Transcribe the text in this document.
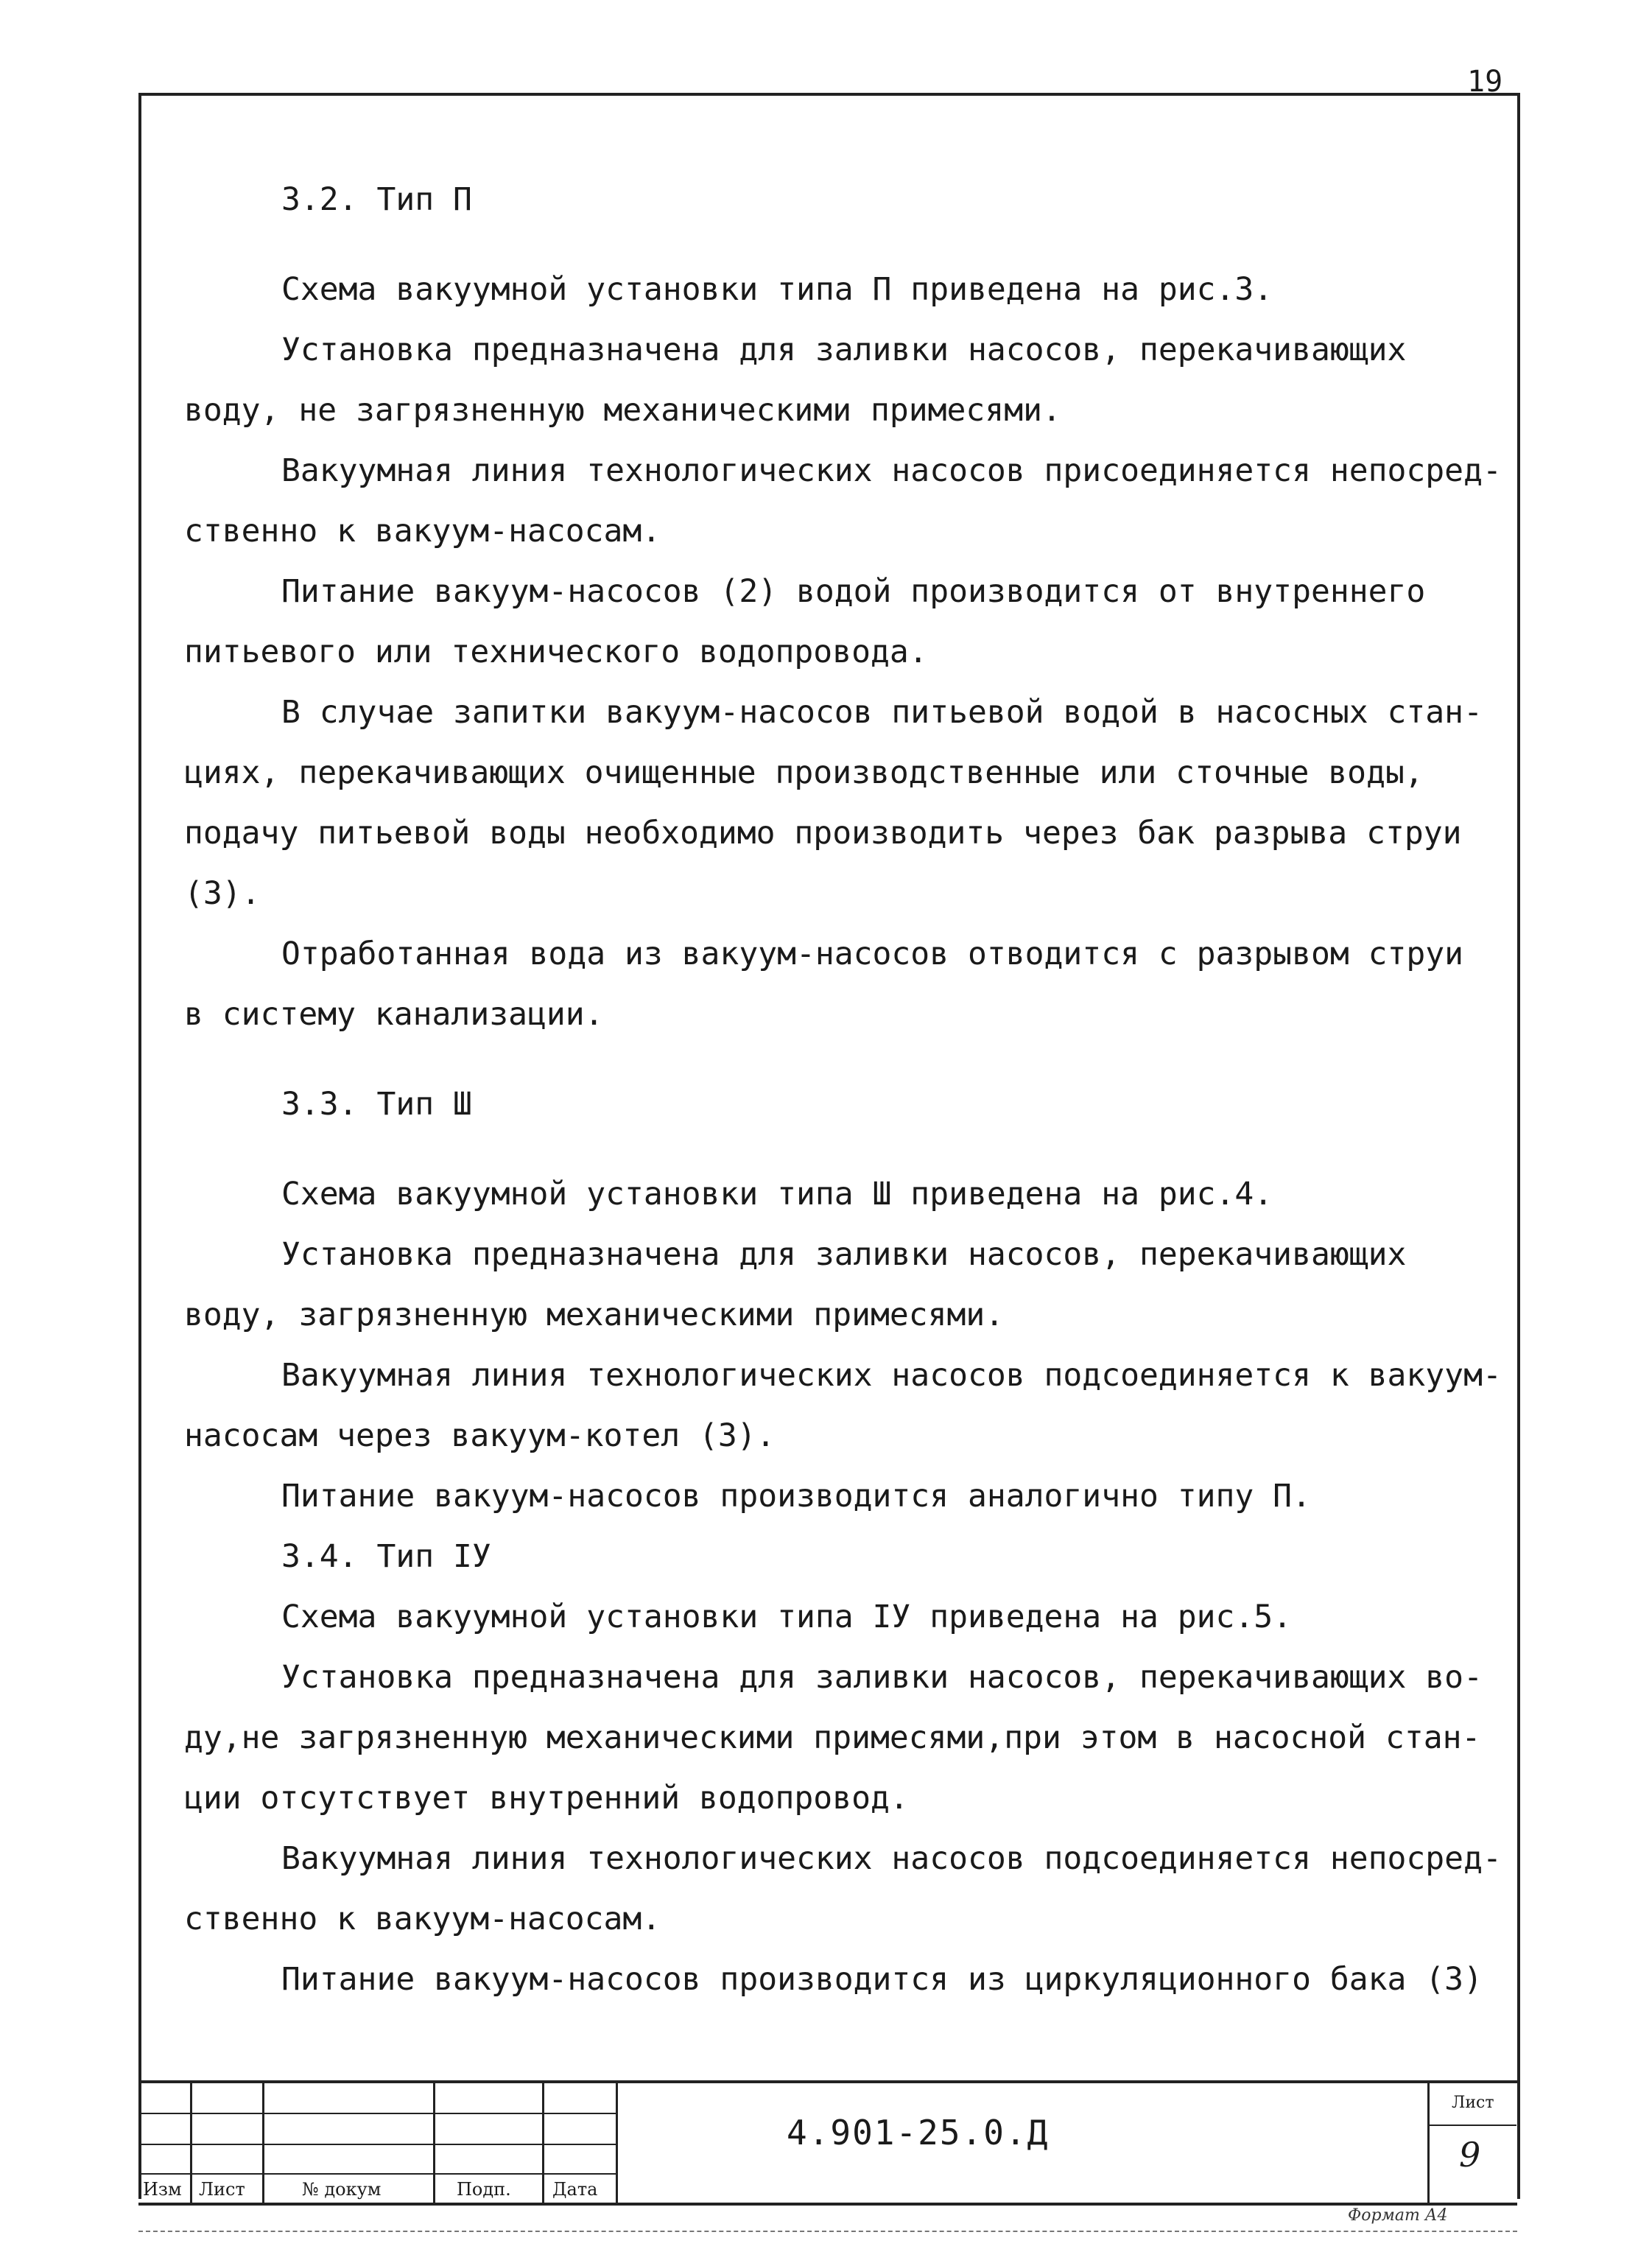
19

3.2. Тип П

Схема вакуумной установки типа П приведена на рис.3.

Установка предназначена для заливки насосов, перекачивающих

воду, не загрязненную механическими примесями.

Вакуумная линия технологических насосов присоединяется непосред-

ственно к вакуум-насосам.

Питание вакуум-насосов (2) водой производится от внутреннего

питьевого или технического водопровода.

В случае запитки вакуум-насосов питьевой водой в насосных стан-

циях, перекачивающих очищенные производственные или сточные воды,

подачу питьевой воды необходимо производить через бак разрыва струи

(3).

Отработанная вода из вакуум-насосов отводится с разрывом струи

в систему канализации.

3.3. Тип Ш

Схема вакуумной установки типа Ш приведена на рис.4.

Установка предназначена для заливки насосов, перекачивающих

воду, загрязненную механическими примесями.

Вакуумная линия технологических насосов подсоединяется к вакуум-

насосам через вакуум-котел (3).

Питание вакуум-насосов производится аналогично типу П.

3.4. Тип IУ

Схема вакуумной установки типа IУ приведена на рис.5.

Установка предназначена для заливки насосов, перекачивающих во-

ду,не загрязненную механическими примесями,при этом в насосной стан-

ции отсутствует внутренний водопровод.

Вакуумная линия технологических насосов подсоединяется непосред-

ственно к вакуум-насосам.

Питание вакуум-насосов производится из циркуляционного бака (3)

Изм Лист	№ докум	Подп. Дата
4.901-25.0.Д
Лист
9
Формат А4
